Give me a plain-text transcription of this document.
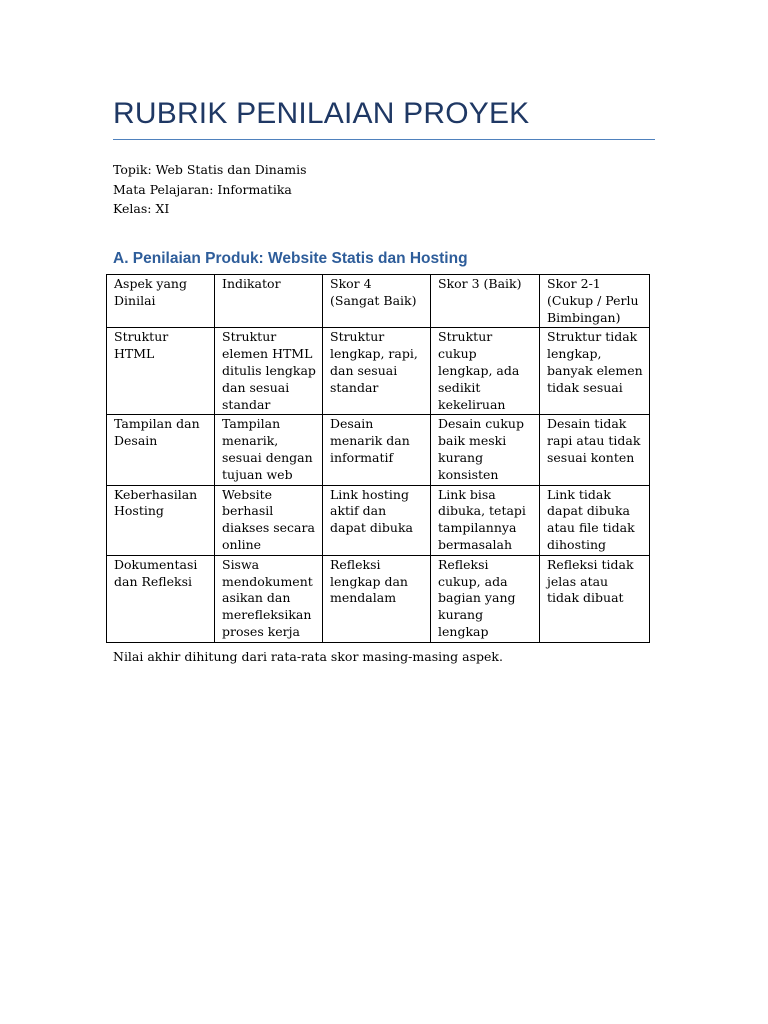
RUBRIK PENILAIAN PROYEK
Topik: Web Statis dan Dinamis
Mata Pelajaran: Informatika
Kelas: XI
A. Penilaian Produk: Website Statis dan Hosting
Aspek yang Dinilai	Indikator	Skor 4 (Sangat Baik)	Skor 3 (Baik)	Skor 2-1 (Cukup / Perlu Bimbingan)
Struktur HTML	Struktur elemen HTML ditulis lengkap dan sesuai standar	Struktur lengkap, rapi, dan sesuai standar	Struktur cukup lengkap, ada sedikit kekeliruan	Struktur tidak lengkap, banyak elemen tidak sesuai
Tampilan dan Desain	Tampilan menarik, sesuai dengan tujuan web	Desain menarik dan informatif	Desain cukup baik meski kurang konsisten	Desain tidak rapi atau tidak sesuai konten
Keberhasilan Hosting	Website berhasil diakses secara online	Link hosting aktif dan dapat dibuka	Link bisa dibuka, tetapi tampilannya bermasalah	Link tidak dapat dibuka atau file tidak dihosting
Dokumentasi dan Refleksi	Siswa mendokumentasikan dan merefleksikan proses kerja	Refleksi lengkap dan mendalam	Refleksi cukup, ada bagian yang kurang lengkap	Refleksi tidak jelas atau tidak dibuat
Nilai akhir dihitung dari rata-rata skor masing-masing aspek.
